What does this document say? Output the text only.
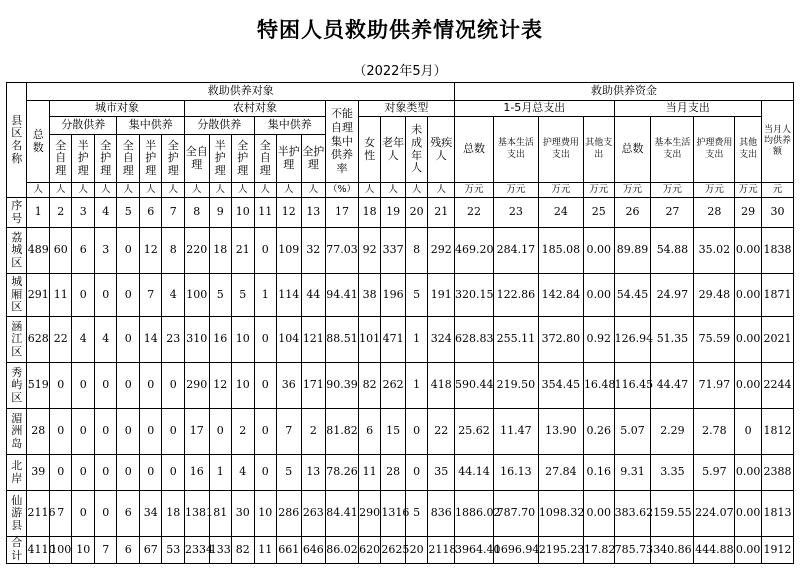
特困人员救助供养情况统计表
（2022年5月）
县区名称	救助供养对象																		救助供养资金								
	总数	城市对象						农村对象						不能自理集中供养率	对象类型				1-5月总支出				当月支出				当月人均供养额
		分散供养			集中供养			分散供养			集中供养				女性	老年人	未成年人	残疾人	总数	基本生活支出	护理费用支出	其他支出	总数	基本生活支出	护理费用支出	其他支出	
		全自理	半护理	全护理	全自理	半护理	全护理	全自理	半护理	全护理	全自理	半护理	全护理														

	人	人	人	人	人	人	人	人	人	人	人	人	人	（%）	人	人	人	人	万元	万元	万元	万元	万元	万元	万元	万元	元
序号	1	2	3	4	5	6	7	8	9	10	11	12	13	17	18	19	20	21	22	23	24	25	26	27	28	29	30
荔城区	489	60	6	3	0	12	8	220	18	21	0	109	32	77.03	92	337	8	292	469.20	284.17	185.08	0.00	89.89	54.88	35.02	0.00	1838
城厢区	291	11	0	0	0	7	4	100	5	5	1	114	44	94.41	38	196	5	191	320.15	122.86	142.84	0.00	54.45	24.97	29.48	0.00	1871
涵江区	628	22	4	4	0	14	23	310	16	10	0	104	121	88.51	101	471	1	324	628.83	255.11	372.80	0.92	126.94	51.35	75.59	0.00	2021
秀屿区	519	0	0	0	0	0	0	290	12	10	0	36	171	90.39	82	262	1	418	590.44	219.50	354.45	16.48	116.45	44.47	71.97	0.00	2244
湄洲岛	28	0	0	0	0	0	0	17	0	2	0	7	2	81.82	6	15	0	22	25.62	11.47	13.90	0.26	5.07	2.29	2.78	0	1812
北岸	39	0	0	0	0	0	0	16	1	4	0	5	13	78.26	11	28	0	35	44.14	16.13	27.84	0.16	9.31	3.35	5.97	0.00	2388
仙游县	2116	7	0	0	6	34	18	1381	81	30	10	286	263	84.41	290	1316	5	836	1886.02	787.70	1098.32	0.00	383.62	159.55	224.07	0.00	1813
合计	4110	100	10	7	6	67	53	2334	133	82	11	661	646	86.02	620	2625	20	2118	3964.40	1696.94	2195.23	17.82	785.73	340.86	444.88	0.00	1912
